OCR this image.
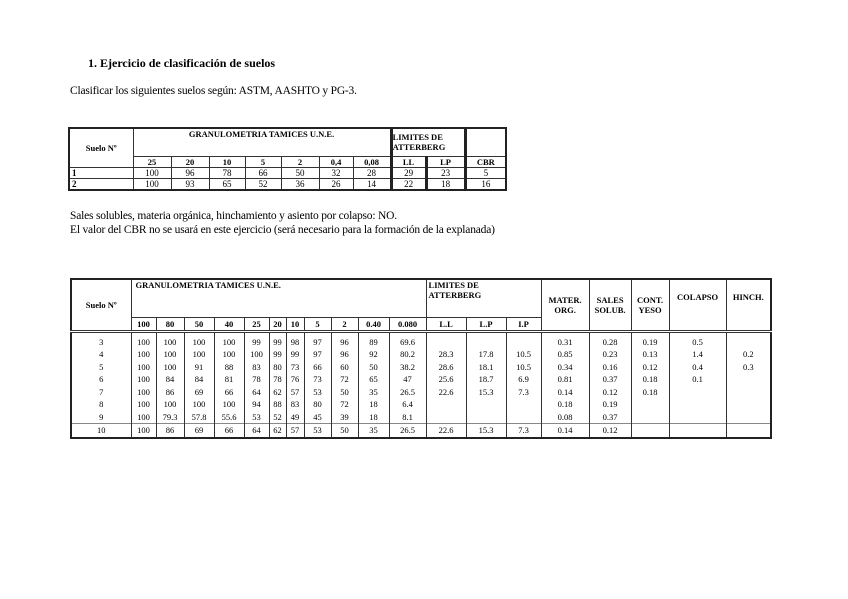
1. Ejercicio de clasificación de suelos

Clasificar los siguientes suelos según: ASTM, AASHTO y PG-3.

Suelo Nº	GRANULOMETRIA TAMICES U.N.E.							LIMITES DE ATTERBERG		
	25	20	10	5	2	0,4	0,08	LL	LP	CBR
1	100	96	78	66	50	32	28	29	23	5
2	100	93	65	52	36	26	14	22	18	16

Sales solubles, materia orgánica, hinchamiento y asiento por colapso: NO.

El valor del CBR no se usará en este ejercicio (será necesario para la formación de la explanada)

Suelo Nº	GRANULOMETRIA TAMICES U.N.E.											LIMITES DE ATTERBERG			MATER. ORG.	SALES SOLUB.	CONT. YESO	COLAPSO	HINCH.
	100	80	50	40	25	20	10	5	2	0.40	0.080	L.L	L.P	I.P					
3	100	100	100	100	99	99	98	97	96	89	69.6				0.31	0.28	0.19	0.5	
4	100	100	100	100	100	99	99	97	96	92	80.2	28.3	17.8	10.5	0.85	0.23	0.13	1.4	0.2
5	100	100	91	88	83	80	73	66	60	50	38.2	28.6	18.1	10.5	0.34	0.16	0.12	0.4	0.3
6	100	84	84	81	78	78	76	73	72	65	47	25.6	18.7	6.9	0.81	0.37	0.18	0.1	
7	100	86	69	66	64	62	57	53	50	35	26.5	22.6	15.3	7.3	0.14	0.12	0.18		
8	100	100	100	100	94	88	83	80	72	18	6.4				0.18	0.19			
9	100	79.3	57.8	55.6	53	52	49	45	39	18	8.1				0.08	0.37			
10	100	86	69	66	64	62	57	53	50	35	26.5	22.6	15.3	7.3	0.14	0.12			
